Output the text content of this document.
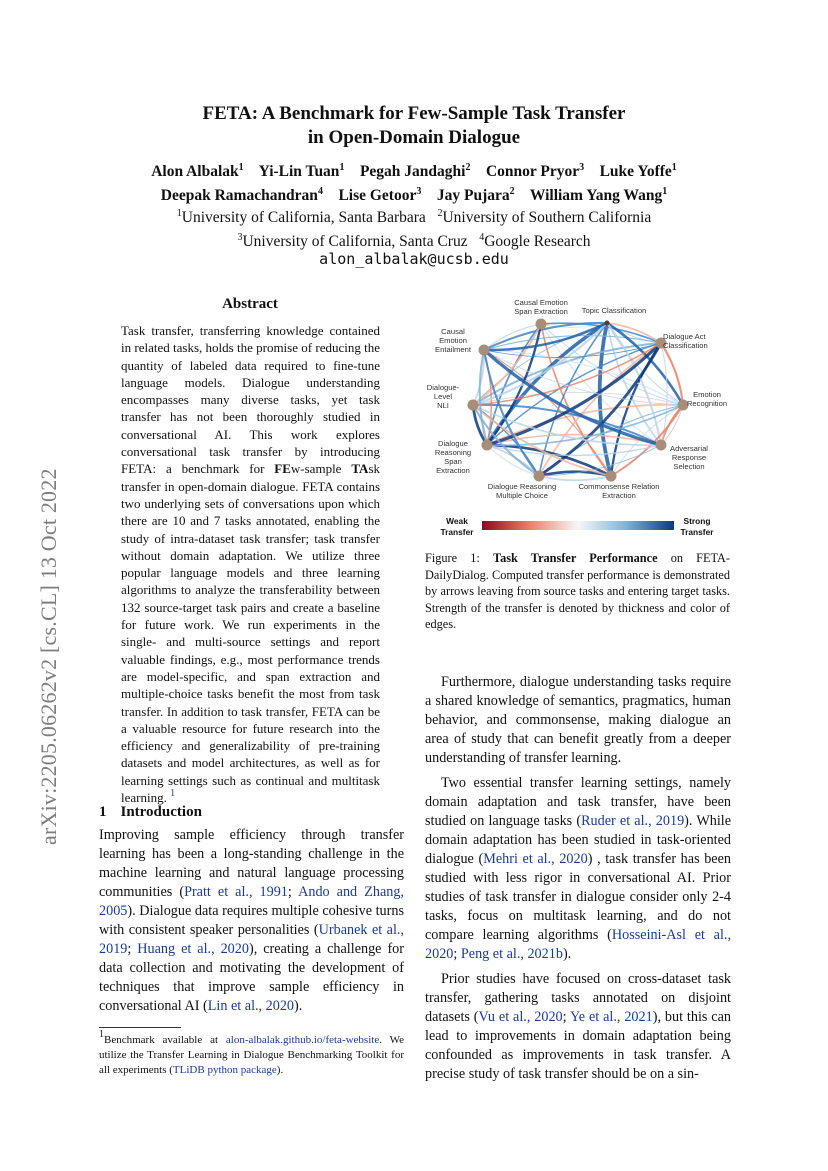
FETA: A Benchmark for Few-Sample Task Transfer
in Open-Domain Dialogue
Alon Albalak$^1$ Yi-Lin Tuan$^1$ Pegah Jandaghi$^2$ Connor Pryor$^3$ Luke Yoffe$^1$
Deepak Ramachandran$^4$ Lise Getoor$^3$ Jay Pujara$^2$ William Yang Wang$^1$
$^1$University of California, Santa Barbara $^2$University of Southern California
$^3$University of California, Santa Cruz $^4$Google Research
alon_albalak@ucsb.edu
arXiv:2205.06262v2 [cs.CL] 13 Oct 2022
Abstract
Task transfer, transferring knowledge contained in related tasks, holds the promise of reducing the quantity of labeled data required to fine-tune language models. Dialogue understanding encompasses many diverse tasks, yet task transfer has not been thoroughly studied in conversational AI. This work explores conversational task transfer by introducing FETA: a benchmark for FEw-sample TAsk transfer in open-domain dialogue. FETA contains two underlying sets of conversations upon which there are 10 and 7 tasks annotated, enabling the study of intra-dataset task transfer; task transfer without domain adaptation. We utilize three popular language models and three learning algorithms to analyze the transferability between 132 source-target task pairs and create a baseline for future work. We run experiments in the single- and multi-source settings and report valuable findings, e.g., most performance trends are model-specific, and span extraction and multiple-choice tasks benefit the most from task transfer. In addition to task transfer, FETA can be a valuable resource for future research into the efficiency and generalizability of pre-training datasets and model architectures, as well as for learning settings such as continual and multitask learning. $^1$
1 Introduction
Improving sample efficiency through transfer learning has been a long-standing challenge in the machine learning and natural language processing communities (Pratt et al., 1991; Ando and Zhang, 2005). Dialogue data requires multiple cohesive turns with consistent speaker personalities (Urbanek et al., 2019; Huang et al., 2020), creating a challenge for data collection and motivating the development of techniques that improve sample efficiency in conversational AI (Lin et al., 2020).
$^1$Benchmark available at alon-albalak.github.io/feta-website. We utilize the Transfer Learning in Dialogue Benchmarking Toolkit for all experiments (TLiDB python package).
Causal Emotion Span Extraction Topic Classification
Dialogue Act Classification
Emotion Recognition
Adversarial Response Selection
Commonsense Relation Extraction
Dialogue Reasoning Multiple Choice
Dialogue Reasoning Span Extraction
Dialogue-Level NLI
Causal Emotion Entailment
Weak Transfer
Strong Transfer
Figure 1: Task Transfer Performance on FETA-DailyDialog. Computed transfer performance is demonstrated by arrows leaving from source tasks and entering target tasks. Strength of the transfer is denoted by thickness and color of edges.

Furthermore, dialogue understanding tasks require a shared knowledge of semantics, pragmatics, human behavior, and commonsense, making dialogue an area of study that can benefit greatly from a deeper understanding of transfer learning.

Two essential transfer learning settings, namely domain adaptation and task transfer, have been studied on language tasks (Ruder et al., 2019). While domain adaptation has been studied in task-oriented dialogue (Mehri et al., 2020) , task transfer has been studied with less rigor in conversational AI. Prior studies of task transfer in dialogue consider only 2-4 tasks, focus on multitask learning, and do not compare learning algorithms (Hosseini-Asl et al., 2020; Peng et al., 2021b).

Prior studies have focused on cross-dataset task transfer, gathering tasks annotated on disjoint datasets (Vu et al., 2020; Ye et al., 2021), but this can lead to improvements in domain adaptation being confounded as improvements in task transfer. A precise study of task transfer should be on a sin-
